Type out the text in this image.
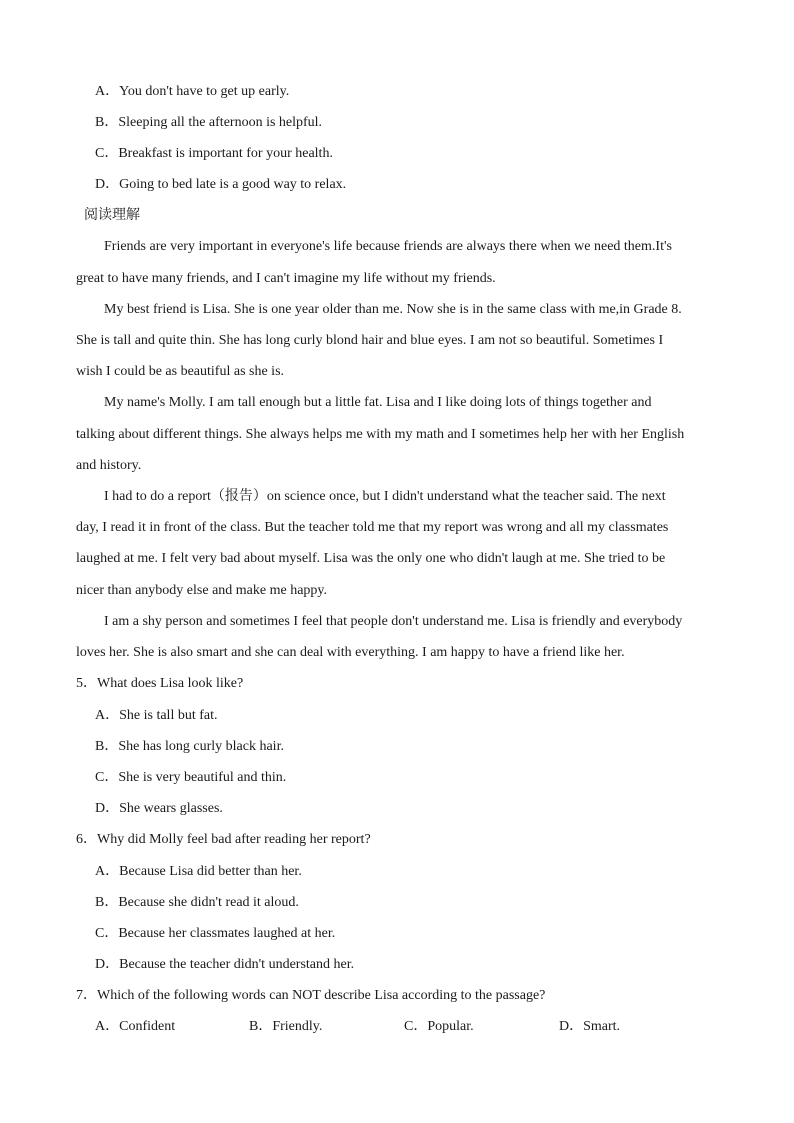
A．You don't have to get up early.
B．Sleeping all the afternoon is helpful.
C．Breakfast is important for your health.
D．Going to bed late is a good way to relax.
阅读理解
Friends are very important in everyone's life because friends are always there when we need them.It's
great to have many friends, and I can't imagine my life without my friends.
My best friend is Lisa. She is one year older than me. Now she is in the same class with me,in Grade 8.
She is tall and quite thin. She has long curly blond hair and blue eyes. I am not so beautiful. Sometimes I
wish I could be as beautiful as she is.
My name's Molly. I am tall enough but a little fat. Lisa and I like doing lots of things together and
talking about different things. She always helps me with my math and I sometimes help her with her English
and history.
I had to do a report（报告）on science once, but I didn't understand what the teacher said. The next
day, I read it in front of the class. But the teacher told me that my report was wrong and all my classmates
laughed at me. I felt very bad about myself. Lisa was the only one who didn't laugh at me. She tried to be
nicer than anybody else and make me happy.
I am a shy person and sometimes I feel that people don't understand me. Lisa is friendly and everybody
loves her. She is also smart and she can deal with everything. I am happy to have a friend like her.
5．What does Lisa look like?
A．She is tall but fat.
B．She has long curly black hair.
C．She is very beautiful and thin.
D．She wears glasses.
6．Why did Molly feel bad after reading her report?
A．Because Lisa did better than her.
B．Because she didn't read it aloud.
C．Because her classmates laughed at her.
D．Because the teacher didn't understand her.
7．Which of the following words can NOT describe Lisa according to the passage?
A．Confident	B．Friendly.	C．Popular.	D．Smart.
